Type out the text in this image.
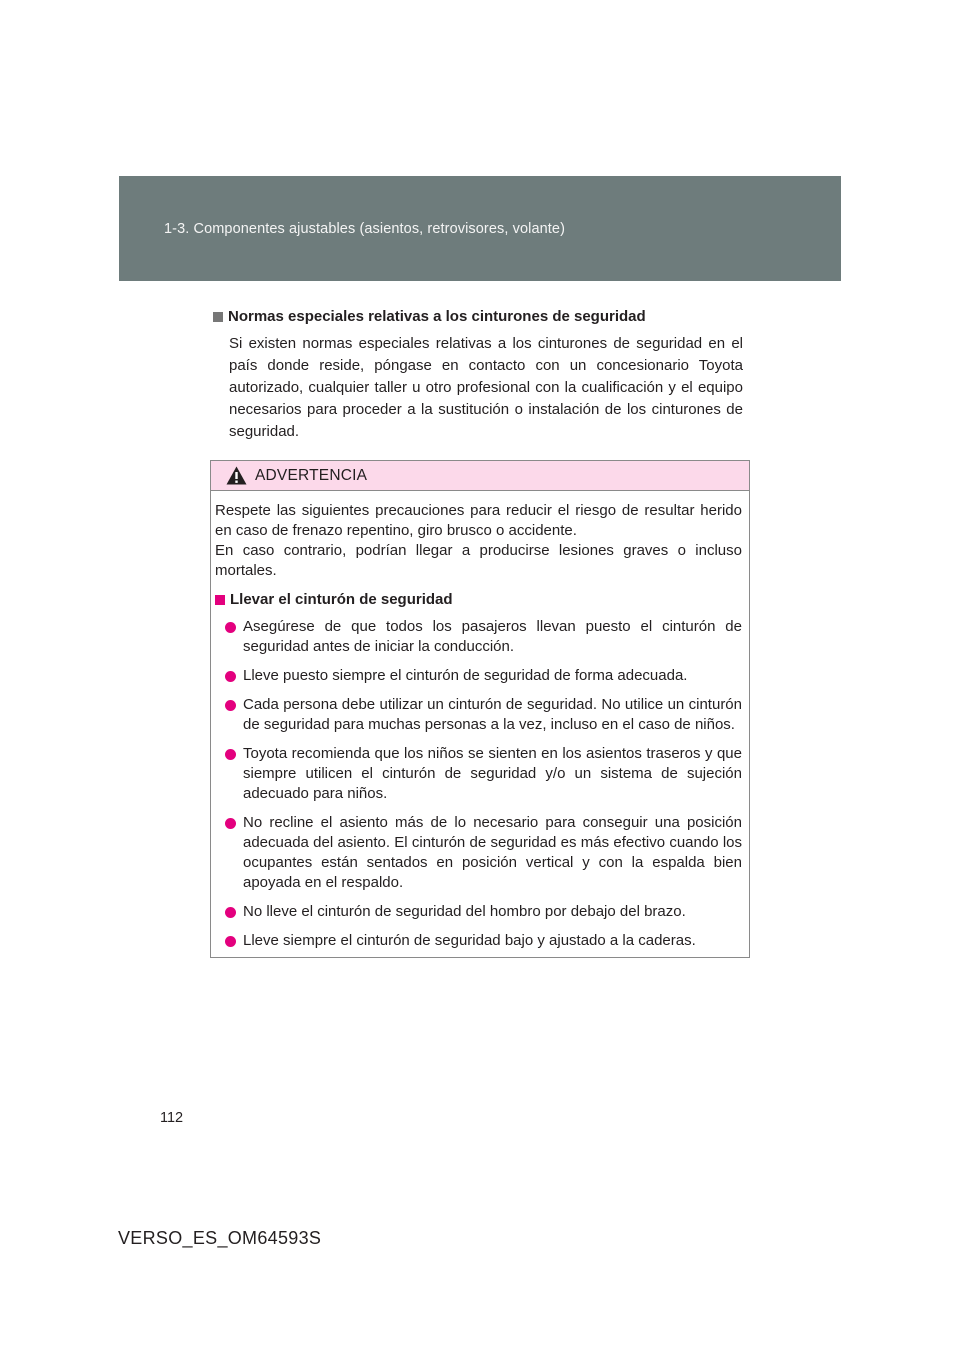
1-3. Componentes ajustables (asientos, retrovisores, volante)
Normas especiales relativas a los cinturones de seguridad

Si existen normas especiales relativas a los cinturones de seguridad en el país donde reside, póngase en contacto con un concesionario Toyota autorizado, cualquier taller u otro profesional con la cualificación y el equipo necesarios para proceder a la sustitución o instalación de los cinturones de seguridad.

ADVERTENCIA

Respete las siguientes precauciones para reducir el riesgo de resultar herido en caso de frenazo repentino, giro brusco o accidente.

En caso contrario, podrían llegar a producirse lesiones graves o incluso mortales.

Llevar el cinturón de seguridad
Asegúrese de que todos los pasajeros llevan puesto el cinturón de seguridad antes de iniciar la conducción.
Lleve puesto siempre el cinturón de seguridad de forma adecuada.
Cada persona debe utilizar un cinturón de seguridad. No utilice un cinturón de seguridad para muchas personas a la vez, incluso en el caso de niños.
Toyota recomienda que los niños se sienten en los asientos traseros y que siempre utilicen el cinturón de seguridad y/o un sistema de sujeción adecuado para niños.
No recline el asiento más de lo necesario para conseguir una posición adecuada del asiento. El cinturón de seguridad es más efectivo cuando los ocupantes están sentados en posición vertical y con la espalda bien apoyada en el respaldo.
No lleve el cinturón de seguridad del hombro por debajo del brazo.
Lleve siempre el cinturón de seguridad bajo y ajustado a la caderas.
112
VERSO_ES_OM64593S
